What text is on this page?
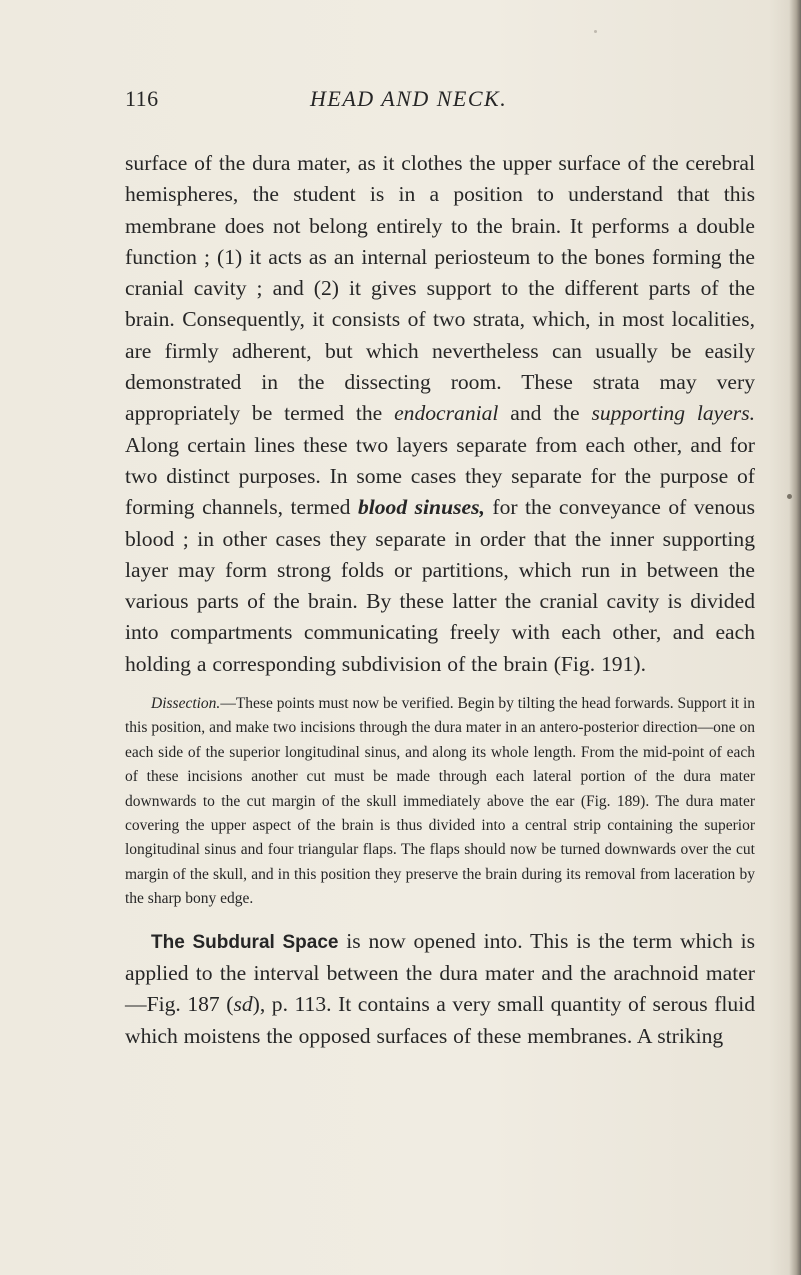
116	HEAD AND NECK.

surface of the dura mater, as it clothes the upper surface of the cerebral hemispheres, the student is in a position to understand that this membrane does not belong entirely to the brain. It performs a double function ; (1) it acts as an internal periosteum to the bones forming the cranial cavity ; and (2) it gives support to the different parts of the brain. Consequently, it consists of two strata, which, in most localities, are firmly adherent, but which nevertheless can usually be easily demonstrated in the dissecting room. These strata may very appropriately be termed the endocranial and the supporting layers. Along certain lines these two layers separate from each other, and for two distinct purposes. In some cases they separate for the purpose of forming channels, termed blood sinuses, for the conveyance of venous blood ; in other cases they separate in order that the inner supporting layer may form strong folds or partitions, which run in between the various parts of the brain. By these latter the cranial cavity is divided into compartments communicating freely with each other, and each holding a corresponding subdivision of the brain (Fig. 191).

Dissection.—These points must now be verified. Begin by tilting the head forwards. Support it in this position, and make two incisions through the dura mater in an antero-posterior direction—one on each side of the superior longitudinal sinus, and along its whole length. From the mid-point of each of these incisions another cut must be made through each lateral portion of the dura mater downwards to the cut margin of the skull immediately above the ear (Fig. 189). The dura mater covering the upper aspect of the brain is thus divided into a central strip containing the superior longitudinal sinus and four triangular flaps. The flaps should now be turned downwards over the cut margin of the skull, and in this position they preserve the brain during its removal from laceration by the sharp bony edge.

The Subdural Space is now opened into. This is the term which is applied to the interval between the dura mater and the arachnoid mater—Fig. 187 (sd), p. 113. It contains a very small quantity of serous fluid which moistens the opposed surfaces of these membranes. A striking
